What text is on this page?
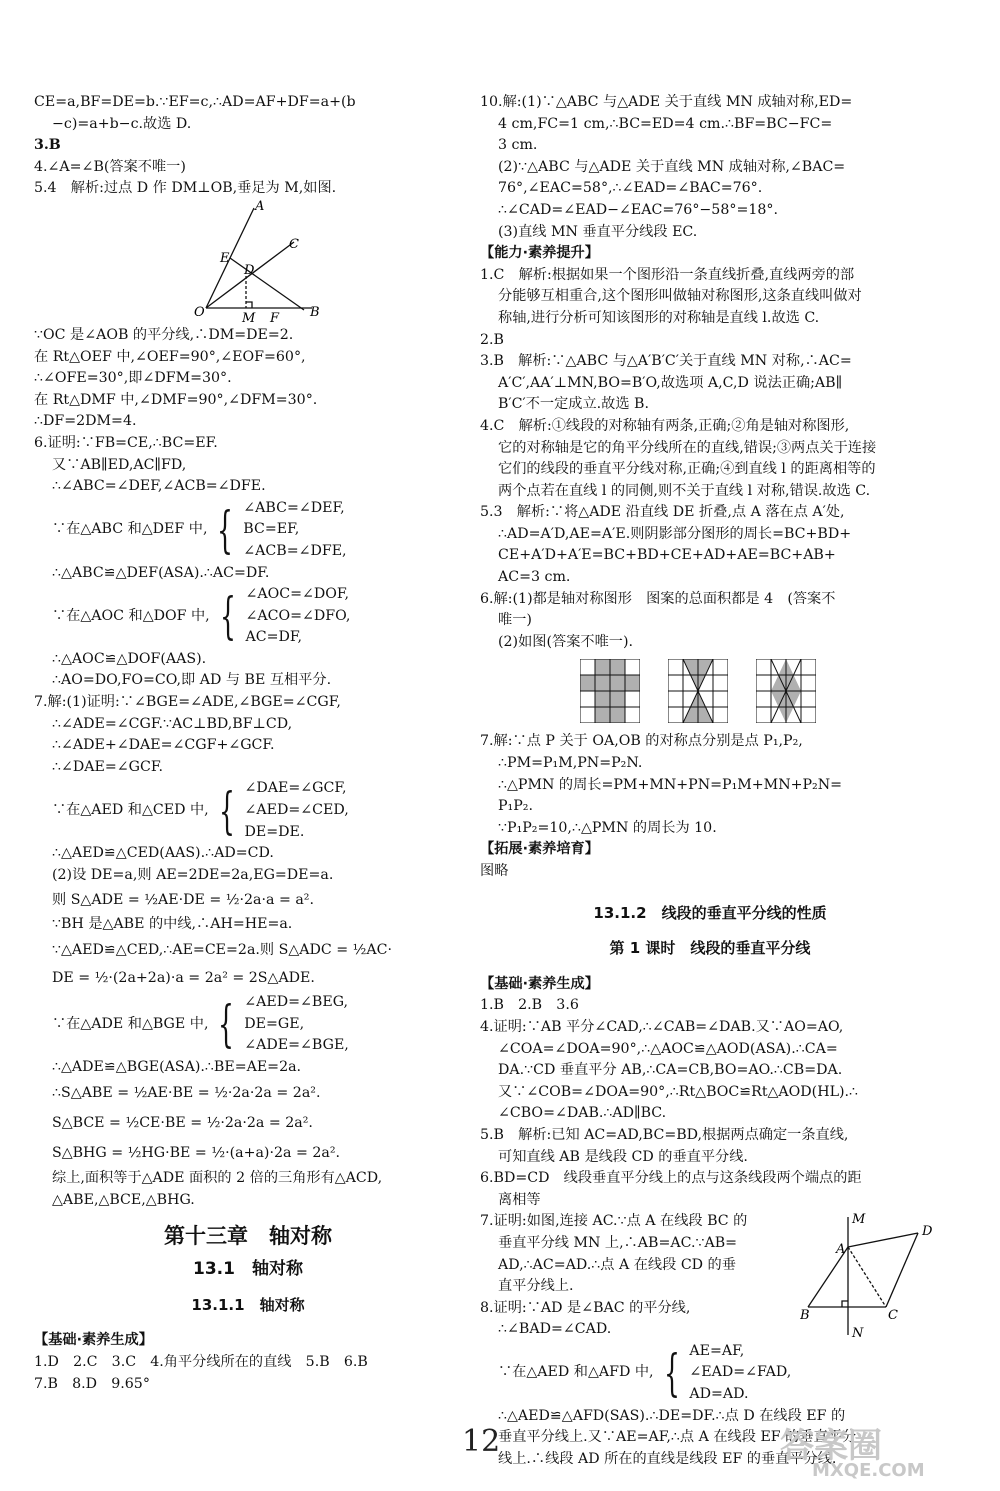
CE=a,BF=DE=b.∵EF=c,∴AD=AF+DF=a+(b
−c)=a+b−c.故选 D.
3.B
4.∠A=∠B(答案不唯一)
5.4　解析:过点 D 作 DM⊥OB,垂足为 M,如图.
A
C
E
D
O	M F B
∵OC 是∠AOB 的平分线,∴DM=DE=2.
在 Rt△OEF 中,∠OEF=90°,∠EOF=60°,
∴∠OFE=30°,即∠DFM=30°.
在 Rt△DMF 中,∠DMF=90°,∠DFM=30°.
∴DF=2DM=4.
6.证明:∵FB=CE,∴BC=EF.
又∵AB∥ED,AC∥FD,
∴∠ABC=∠DEF,∠ACB=∠DFE.
∵在△ABC 和△DEF 中, { ∠ABC=∠DEF,
BC=EF,
∠ACB=∠DFE,
∴△ABC≌△DEF(ASA).∴AC=DF.
∵在△AOC 和△DOF 中, { ∠AOC=∠DOF,
∠ACO=∠DFO,
AC=DF,
∴△AOC≌△DOF(AAS).
∴AO=DO,FO=CO,即 AD 与 BE 互相平分.
7.解:(1)证明:∵∠BGE=∠ADE,∠BGE=∠CGF,
∴∠ADE=∠CGF.∵AC⊥BD,BF⊥CD,
∴∠ADE+∠DAE=∠CGF+∠GCF.
∴∠DAE=∠GCF.
∵在△AED 和△CED 中, { ∠DAE=∠GCF,
∠AED=∠CED,
DE=DE.
∴△AED≌△CED(AAS).∴AD=CD.
(2)设 DE=a,则 AE=2DE=2a,EG=DE=a.
则 S△ADE = ½AE·DE = ½·2a·a = a².
∵BH 是△ABE 的中线,∴AH=HE=a.
∵△AED≌△CED,∴AE=CE=2a.则 S△ADC = ½AC·
DE = ½·(2a+2a)·a = 2a² = 2S△ADE.
∵在△ADE 和△BGE 中, { ∠AED=∠BEG,
DE=GE,
∠ADE=∠BGE,
∴△ADE≌△BGE(ASA).∴BE=AE=2a.
∴S△ABE = ½AE·BE = ½·2a·2a = 2a².
S△BCE = ½CE·BE = ½·2a·2a = 2a².
S△BHG = ½HG·BE = ½·(a+a)·2a = 2a².
综上,面积等于△ADE 面积的 2 倍的三角形有△ACD,
△ABE,△BCE,△BHG.
第十三章　轴对称
13.1　轴对称
13.1.1　轴对称
【基础·素养生成】
1.D　2.C　3.C　4.角平分线所在的直线　5.B　6.B
7.B　8.D　9.65°
10.解:(1)∵△ABC 与△ADE 关于直线 MN 成轴对称,ED=
4 cm,FC=1 cm,∴BC=ED=4 cm.∴BF=BC−FC=
3 cm.
(2)∵△ABC 与△ADE 关于直线 MN 成轴对称,∠BAC=
76°,∠EAC=58°,∴∠EAD=∠BAC=76°.
∴∠CAD=∠EAD−∠EAC=76°−58°=18°.
(3)直线 MN 垂直平分线段 EC.
【能力·素养提升】
1.C　解析:根据如果一个图形沿一条直线折叠,直线两旁的部
分能够互相重合,这个图形叫做轴对称图形,这条直线叫做对
称轴,进行分析可知该图形的对称轴是直线 l.故选 C.
2.B
3.B　解析:∵△ABC 与△A′B′C′关于直线 MN 对称,∴AC=
A′C′,AA′⊥MN,BO=B′O,故选项 A,C,D 说法正确;AB∥
B′C′不一定成立.故选 B.
4.C　解析:①线段的对称轴有两条,正确;②角是轴对称图形,
它的对称轴是它的角平分线所在的直线,错误;③两点关于连接
它们的线段的垂直平分线对称,正确;④到直线 l 的距离相等的
两个点若在直线 l 的同侧,则不关于直线 l 对称,错误.故选 C.
5.3　解析:∵将△ADE 沿直线 DE 折叠,点 A 落在点 A′处,
∴AD=A′D,AE=A′E.则阴影部分图形的周长=BC+BD+
CE+A′D+A′E=BC+BD+CE+AD+AE=BC+AB+
AC=3 cm.
6.解:(1)都是轴对称图形　图案的总面积都是 4　(答案不
唯一)
(2)如图(答案不唯一).
7.解:∵点 P 关于 OA,OB 的对称点分别是点 P₁,P₂,
∴PM=P₁M,PN=P₂N.
∴△PMN 的周长=PM+MN+PN=P₁M+MN+P₂N=
P₁P₂.
∵P₁P₂=10,∴△PMN 的周长为 10.
【拓展·素养培育】
图略
13.1.2　线段的垂直平分线的性质
第 1 课时　线段的垂直平分线
【基础·素养生成】
1.B　2.B　3.6
4.证明:∵AB 平分∠CAD,∴∠CAB=∠DAB.又∵AO=AO,
∠COA=∠DOA=90°,∴△AOC≌△AOD(ASA).∴CA=
DA.∵CD 垂直平分 AB,∴CA=CB,BO=AO.∴CB=DA.
又∵∠COB=∠DOA=90°,∴Rt△BOC≌Rt△AOD(HL).∴
∠CBO=∠DAB.∴AD∥BC.
5.B　解析:已知 AC=AD,BC=BD,根据两点确定一条直线,
可知直线 AB 是线段 CD 的垂直平分线.
6.BD=CD　线段垂直平分线上的点与这条线段两个端点的距
离相等
M
D
A
B	C
N
7.证明:如图,连接 AC.∵点 A 在线段 BC 的
垂直平分线 MN 上,∴AB=AC.∵AB=
AD,∴AC=AD.∴点 A 在线段 CD 的垂
直平分线上.
8.证明:∵AD 是∠BAC 的平分线,
∴∠BAD=∠CAD.
∵在△AED 和△AFD 中, { AE=AF,
∠EAD=∠FAD,
AD=AD.
∴△AED≌△AFD(SAS).∴DE=DF.∴点 D 在线段 EF 的
垂直平分线上.又∵AE=AF,∴点 A 在线段 EF 的垂直平分
线上.∴线段 AD 所在的直线是线段 EF 的垂直平分线.
12	答案圈
MXQE.COM
